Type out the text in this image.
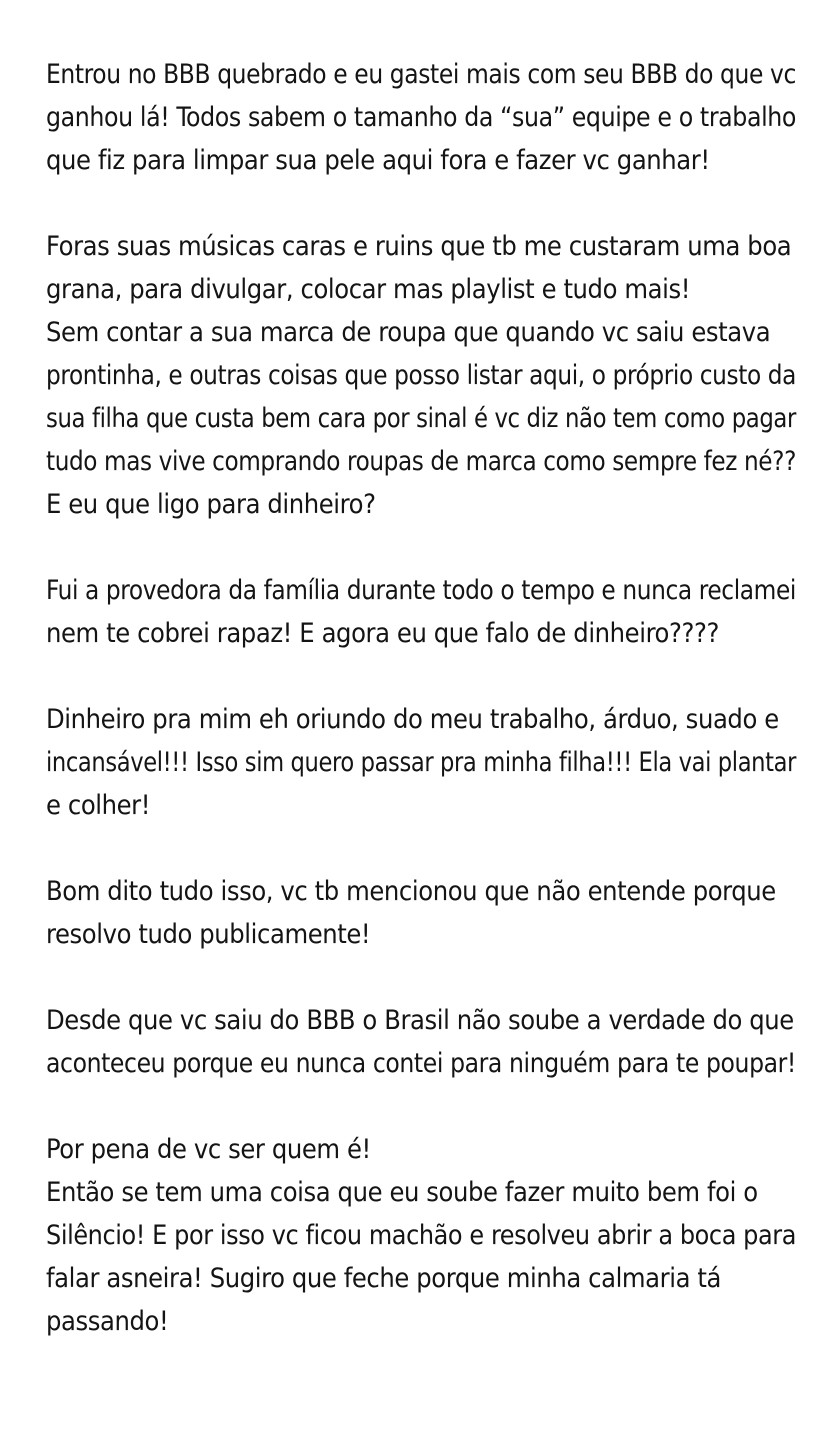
Entrou no BBB quebrado e eu gastei mais com seu BBB do que vc
ganhou lá! Todos sabem o tamanho da “sua” equipe e o trabalho
que fiz para limpar sua pele aqui fora e fazer vc ganhar!

Foras suas músicas caras e ruins que tb me custaram uma boa
grana, para divulgar, colocar mas playlist e tudo mais!
Sem contar a sua marca de roupa que quando vc saiu estava
prontinha, e outras coisas que posso listar aqui, o próprio custo da
sua filha que custa bem cara por sinal é vc diz não tem como pagar
tudo mas vive comprando roupas de marca como sempre fez né??
E eu que ligo para dinheiro?

Fui a provedora da família durante todo o tempo e nunca reclamei
nem te cobrei rapaz! E agora eu que falo de dinheiro????

Dinheiro pra mim eh oriundo do meu trabalho, árduo, suado e
incansável!!! Isso sim quero passar pra minha filha!!! Ela vai plantar
e colher!

Bom dito tudo isso, vc tb mencionou que não entende porque
resolvo tudo publicamente!

Desde que vc saiu do BBB o Brasil não soube a verdade do que
aconteceu porque eu nunca contei para ninguém para te poupar!

Por pena de vc ser quem é!
Então se tem uma coisa que eu soube fazer muito bem foi o
Silêncio! E por isso vc ficou machão e resolveu abrir a boca para
falar asneira! Sugiro que feche porque minha calmaria tá
passando!
